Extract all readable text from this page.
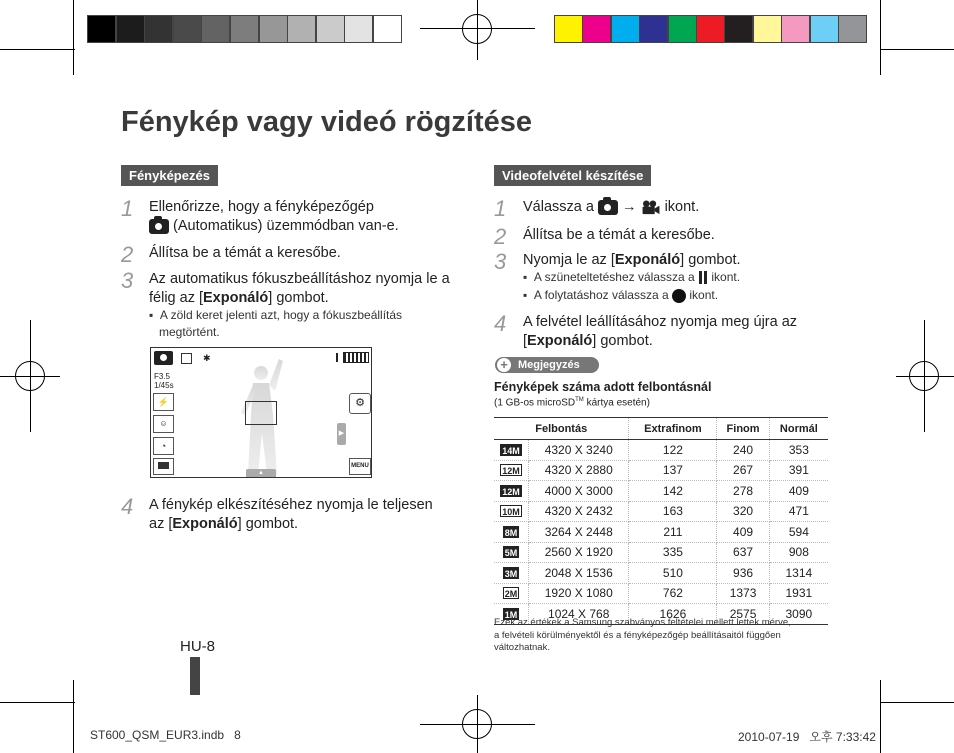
Fénykép vagy videó rögzítése
Fényképezés
1 Ellenőrizze, hogy a fényképezőgép
(Automatikus) üzemmódban van-e.
2 Állítsa be a témát a keresőbe.
3 Az automatikus fókuszbeállításhoz nyomja le a
félig az [Exponáló] gombot.
▪  A zöld keret jelenti azt, hogy a fókuszbeállítás
megtörtént.
✱
F3.5
1/45s
⚡
☺
◔
▶
⚙
MENU
▲
4 A fénykép elkészítéséhez nyomja le teljesen
az [Exponáló] gombot.
HU-8
Videofelvétel készítése
1 Válassza a → ikont.
2 Állítsa be a témát a keresőbe.
3 Nyomja le az [Exponáló] gombot.
▪  A szüneteltetéshez válassza a ikont.
▪  A folytatáshoz válassza a ikont.
4 A felvétel leállításához nyomja meg újra az
[Exponáló] gombot.
+ Megjegyzés
Fényképek száma adott felbontásnál
(1 GB-os microSD™ kártya esetén)
Felbontás		Extrafinom	Finom	Normál
14M	4320 X 3240	122	240	353
12M	4320 X 2880	137	267	391
12M	4000 X 3000	142	278	409
10M	4320 X 2432	163	320	471
8M	3264 X 2448	211	409	594
5M	2560 X 1920	335	637	908
3M	2048 X 1536	510	936	1314
2M	1920 X 1080	762	1373	1931
1M	1024 X 768	1626	2575	3090
Ezek az értékek a Samsung szabványos feltételei mellett lettek mérve,
a felvételi körülményektől és a fényképezőgép beállításaitól függően
változhatnak.
ST600_QSM_EUR3.indb   8	2010-07-19   오후 7:33:42
